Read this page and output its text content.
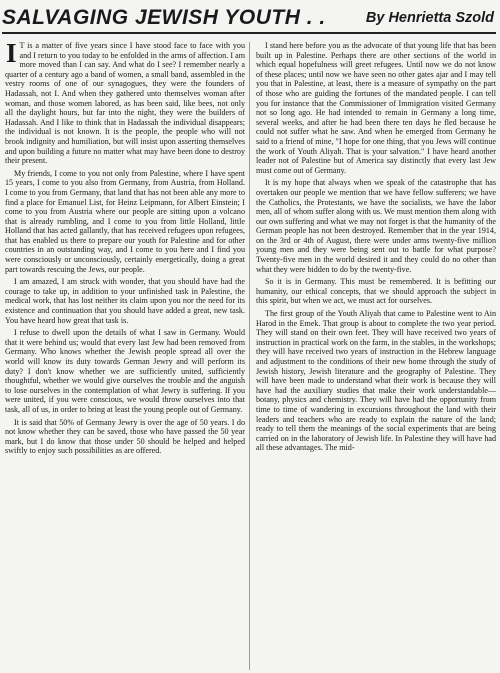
SALVAGING JEWISH YOUTH . .	By Henrietta Szold

I T is a matter of five years since I have stood face to face with you and I return to you today to be enfolded in the arms of affection. I am more moved than I can say. And what do I see? I remember nearly a quarter of a century ago a band of women, a small band, assembled in the vestry rooms of one of our synagogues, they were the founders of Hadassah, not I. And when they gathered unto themselves woman after woman, and those women labored, as has been said, like bees, not only all the daylight hours, but far into the night, they were the builders of Hadassah. And I like to think that in Hadassah the individual disappears; the individual is not known. It is the people, the people who will not brook indignity and humiliation, but will insist upon asserting themselves and upon building a future no matter what may have been done to destroy their present.

My friends, I come to you not only from Palestine, where I have spent 15 years, I come to you also from Germany, from Austria, from Holland. I come to you from Germany, that land that has not been able any more to find a place for Emanuel List, for Heinz Leipmann, for Albert Einstein; I come to you from Austria where our people are sitting upon a volcano that is already rumbling, and I come to you from little Holland, little Holland that has acted gallantly, that has received refugees upon refugees, that has enabled us there to prepare our youth for Palestine and for other countries in an outstanding way, and I come to you here and I find you were consciously or unconsciously, certainly energetically, doing a great part towards rescuing the Jews, our people.

I am amazed, I am struck with wonder, that you should have had the courage to take up, in addition to your unfinished task in Palestine, the medical work, that has lost neither its claim upon you nor the need for its existence and continuation that you should have added a great, new task. You have heard how great that task is.

I refuse to dwell upon the details of what I saw in Germany. Would that it were behind us; would that every last Jew had been removed from Germany. Who knows whether the Jewish people spread all over the world will know its duty towards German Jewry and will perform its duty? I don't know whether we are sufficiently united, sufficiently thoughtful, whether we would give ourselves the trouble and the anguish to lose ourselves in the contemplation of what Jewry is suffering. If you were united, if you were conscious, we would throw ourselves into that task, all of us, in order to bring at least the young people out of Germany.

It is said that 50% of Germany Jewry is over the age of 50 years. I do not know whether they can be saved, those who have passed the 50 year mark, but I do know that those under 50 should be helped and helped swiftly to enjoy such possibilities as are offered.

I stand here before you as the advocate of that young life that has been built up in Palestine. Perhaps there are other sections of the world in which equal hopefulness will greet refugees. Until now we do not know of these places; until now we have seen no other gates ajar and I may tell you that in Palestine, at least, there is a measure of sympathy on the part of those who are guiding the fortunes of the mandated people. I can tell you for instance that the Commissioner of Immigration visited Germany not so long ago. He had intended to remain in Germany a long time, several weeks, and after he had been there ten days he fled because he could not suffer what he saw. And when he emerged from Germany he said to a friend of mine, "I hope for one thing, that you Jews will continue the work of Youth Aliyah. That is your salvation." I have heard another leader not of Palestine but of America say distinctly that every last Jew must come out of Germany.

It is my hope that always when we speak of the catastrophe that has overtaken our people we mention that we have fellow sufferers; we have the Catholics, the Protestants, we have the socialists, we have the labor men, all of whom suffer along with us. We must mention them along with our own suffering and what we may not forget is that the humanity of the German people has not been destroyed. Remember that in the year 1914, on the 3rd or 4th of August, there were under arms twenty-five million young men and they were being sent out to battle for what purpose? Twenty-five men in the world desired it and they could do no other than what they were bidden to do by the twenty-five.

So it is in Germany. This must be remembered. It is befitting our humanity, our ethical concepts, that we should approach the subject in this spirit, but when we act, we must act for ourselves.

The first group of the Youth Aliyah that came to Palestine went to Ain Harod in the Emek. That group is about to complete the two year period. They will stand on their own feet. They will have received two years of instruction in practical work on the farm, in the stables, in the workshops; they will have received two years of instruction in the Hebrew language and adjustment to the conditions of their new home through the study of Jewish history, Jewish literature and the geography of Palestine. They will have been made to understand what their work is because they will have had the auxiliary studies that make their work understandable—botany, physics and chemistry. They will have had the opportunity from time to time of wandering in excursions throughout the land with their leaders and teachers who are ready to explain the nature of the land; ready to tell them the meanings of the social experiments that are being carried on in the laboratory of Jewish life. In Palestine they will have had all these advantages. The mid-
